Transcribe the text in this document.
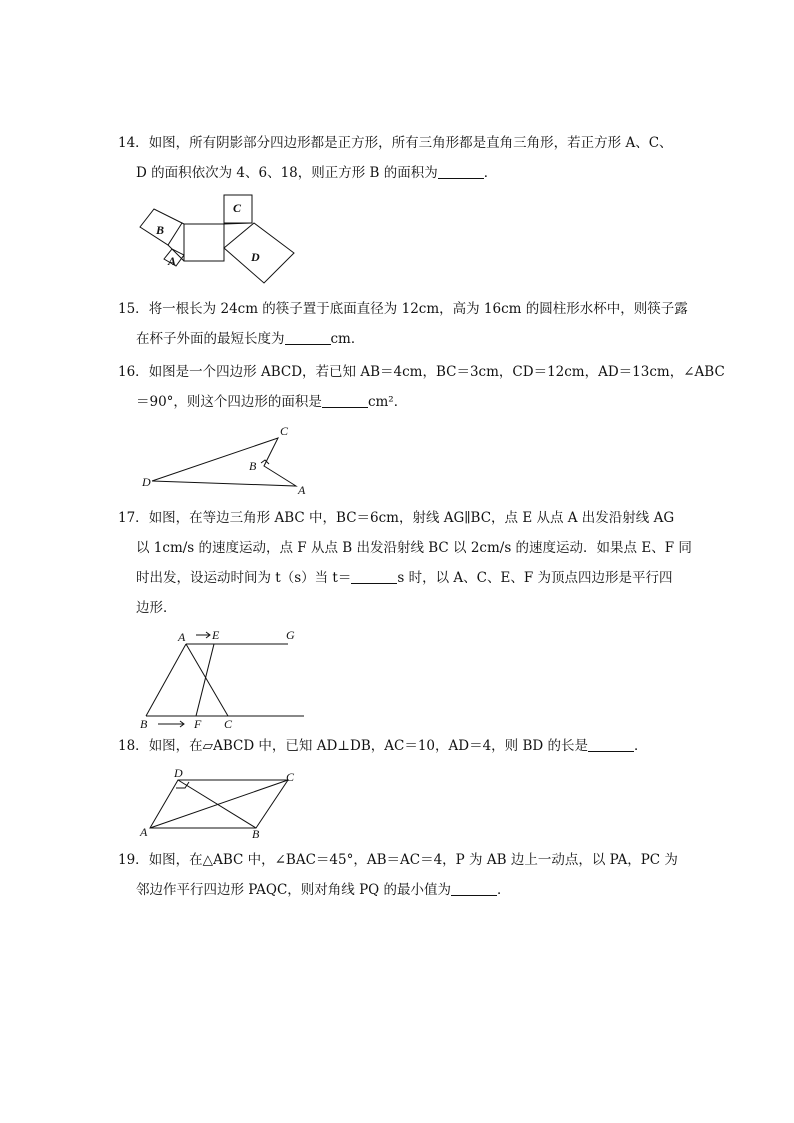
14．如图，所有阴影部分四边形都是正方形，所有三角形都是直角三角形，若正方形 A、C、
D 的面积依次为 4、6、18，则正方形 B 的面积为	．
B
C
A	D
15．将一根长为 24cm 的筷子置于底面直径为 12cm，高为 16cm 的圆柱形水杯中，则筷子露
在杯子外面的最短长度为	cm．
16．如图是一个四边形 ABCD，若已知 AB＝4cm，BC＝3cm，CD＝12cm，AD＝13cm，∠ABC
＝90°，则这个四边形的面积是	cm²．
C
B
D
A
17．如图，在等边三角形 ABC 中，BC＝6cm，射线 AG∥BC，点 E 从点 A 出发沿射线 AG
以 1cm/s 的速度运动，点 F 从点 B 出发沿射线 BC 以 2cm/s 的速度运动．如果点 E、F 同
时出发，设运动时间为 t（s）当 t＝	s 时，以 A、C、E、F 为顶点四边形是平行四
边形．
A E	G
B	F C
18．如图，在▱ABCD 中，已知 AD⊥DB，AC＝10，AD＝4，则 BD 的长是	．
D	C
A	B
19．如图，在△ABC 中，∠BAC＝45°，AB＝AC＝4，P 为 AB 边上一动点，以 PA，PC 为
邻边作平行四边形 PAQC，则对角线 PQ 的最小值为	．
